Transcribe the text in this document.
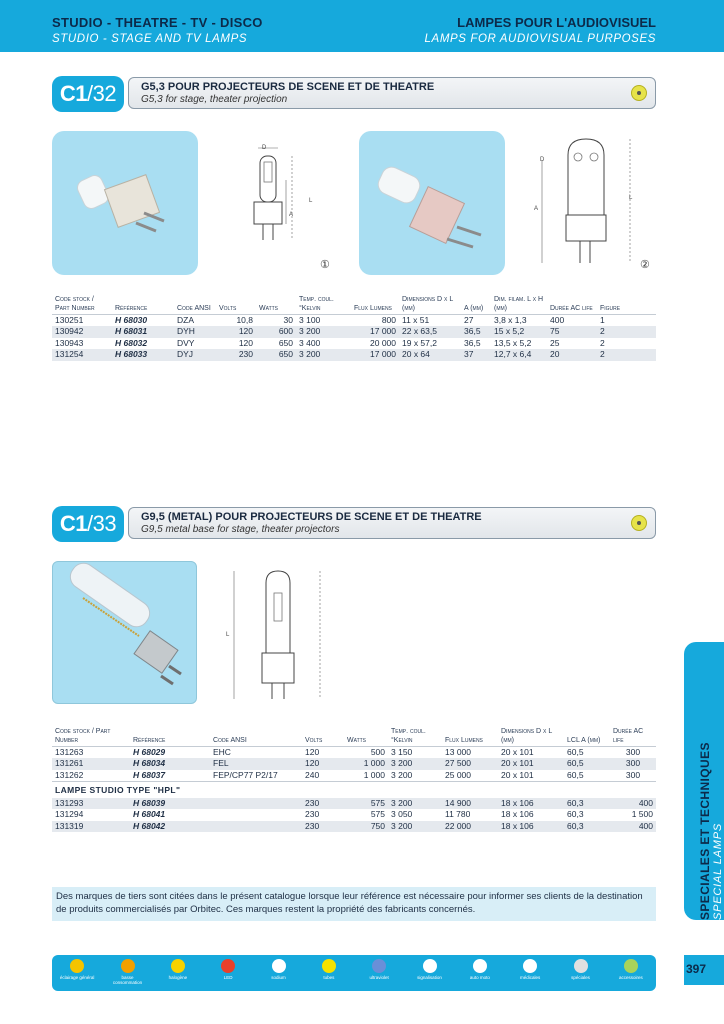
STUDIO - THEATRE - TV - DISCO
STUDIO - STAGE AND TV LAMPS
LAMPES POUR L'AUDIOVISUEL
LAMPS FOR AUDIOVISUAL PURPOSES
C1 /32 G5,3 POUR PROJECTEURS DE SCENE ET DE THEATRE
G5,3 for stage, theater projection
D
L
A
①
D
A
L
②
Code stock / Part Number	Référence	Code ANSI	Volts	Watts	Temp. coul. °Kelvin	Flux Lumens	Dimensions D x L (mm)	A (mm)	Dim. filam. L x H (mm)	Durée AC life	Figure
130251	H 68030	DZA	10,8	30	3 100	800	11 x 51	27	3,8 x 1,3	400	1
130942	H 68031	DYH	120	600	3 200	17 000	22 x 63,5	36,5	15 x 5,2	75	2
130943	H 68032	DVY	120	650	3 400	20 000	19 x 57,2	36,5	13,5 x 5,2	25	2
131254	H 68033	DYJ	230	650	3 200	17 000	20 x 64	37	12,7 x 6,4	20	2
C1 /33 G9,5 (METAL) POUR PROJECTEURS DE SCENE ET DE THEATRE
G9,5 metal base for stage, theater projectors
L
Code stock / Part Number	Référence	Code ANSI	Volts	Watts	Temp. coul. °Kelvin	Flux Lumens	Dimensions D x L (mm)	LCL A (mm)	Durée AC life
131263	H 68029	EHC	120	500	3 150	13 000	20 x 101	60,5	300
131261	H 68034	FEL	120	1 000	3 200	27 500	20 x 101	60,5	300
131262	H 68037	FEP/CP77 P2/17	240	1 000	3 200	25 000	20 x 101	60,5	300
LAMPE STUDIO TYPE "HPL"									
131293	H 68039		230	575	3 200	14 900	18 x 106	60,3	400
131294	H 68041		230	575	3 050	11 780	18 x 106	60,3	1 500
131319	H 68042		230	750	3 200	22 000	18 x 106	60,3	400
Des marques de tiers sont citées dans le présent catalogue lorsque leur référence est nécessaire pour informer ses clients de la destination de produits commercialisés par Orbitec. Ces marques restent la propriété des fabricants concernés.	SPECIALES ET TECHNIQUES SPECIAL LAMPS
éclairage général	basse consommation
halogène	LED	sodium	tubes	ultraviolet	signalisation	auto moto	médicales	spéciales	accessoires
397
